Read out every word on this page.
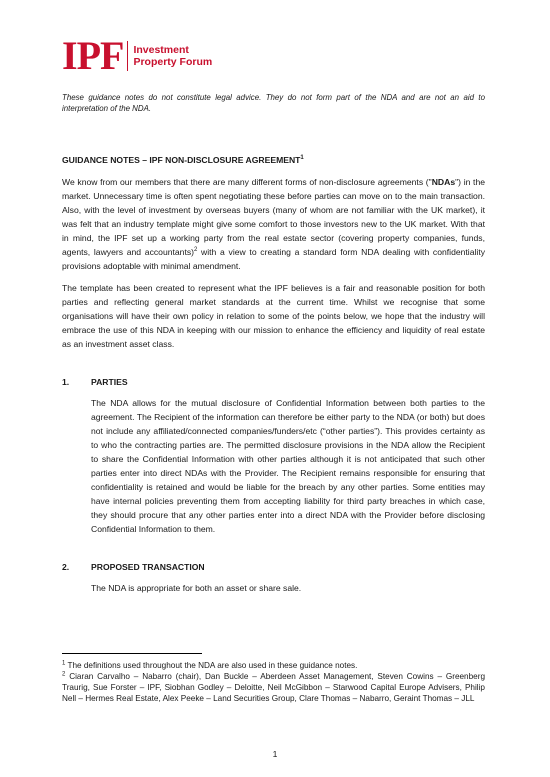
IPF Investment
Property Forum

These guidance notes do not constitute legal advice. They do not form part of the NDA and are not an aid to interpretation of the NDA.

GUIDANCE NOTES – IPF NON-DISCLOSURE AGREEMENT$^1$

We know from our members that there are many different forms of non-disclosure agreements ("NDAs") in the market. Unnecessary time is often spent negotiating these before parties can move on to the main transaction. Also, with the level of investment by overseas buyers (many of whom are not familiar with the UK market), it was felt that an industry template might give some comfort to those investors new to the UK market. With that in mind, the IPF set up a working party from the real estate sector (covering property companies, funds, agents, lawyers and accountants)$^2$ with a view to creating a standard form NDA dealing with confidentiality provisions adoptable with minimal amendment.

The template has been created to represent what the IPF believes is a fair and reasonable position for both parties and reflecting general market standards at the current time. Whilst we recognise that some organisations will have their own policy in relation to some of the points below, we hope that the industry will embrace the use of this NDA in keeping with our mission to enhance the efficiency and liquidity of real estate as an investment asset class.

1.	PARTIES

The NDA allows for the mutual disclosure of Confidential Information between both parties to the agreement. The Recipient of the information can therefore be either party to the NDA (or both) but does not include any affiliated/connected companies/funders/etc (“other parties”). This provides certainty as to who the contracting parties are. The permitted disclosure provisions in the NDA allow the Recipient to share the Confidential Information with other parties although it is not anticipated that such other parties enter into direct NDAs with the Provider. The Recipient remains responsible for ensuring that confidentiality is retained and would be liable for the breach by any other parties. Some entities may have internal policies preventing them from accepting liability for third party breaches in which case, they should procure that any other parties enter into a direct NDA with the Provider before disclosing Confidential Information to them.

2.	PROPOSED TRANSACTION

The NDA is appropriate for both an asset or share sale.

$^1$ The definitions used throughout the NDA are also used in these guidance notes.

$^2$ Ciaran Carvalho – Nabarro (chair), Dan Buckle – Aberdeen Asset Management, Steven Cowins – Greenberg Traurig, Sue Forster – IPF, Siobhan Godley – Deloitte, Neil McGibbon – Starwood Capital Europe Advisers, Philip Nell – Hermes Real Estate, Alex Peeke – Land Securities Group, Clare Thomas – Nabarro, Geraint Thomas – JLL

1
